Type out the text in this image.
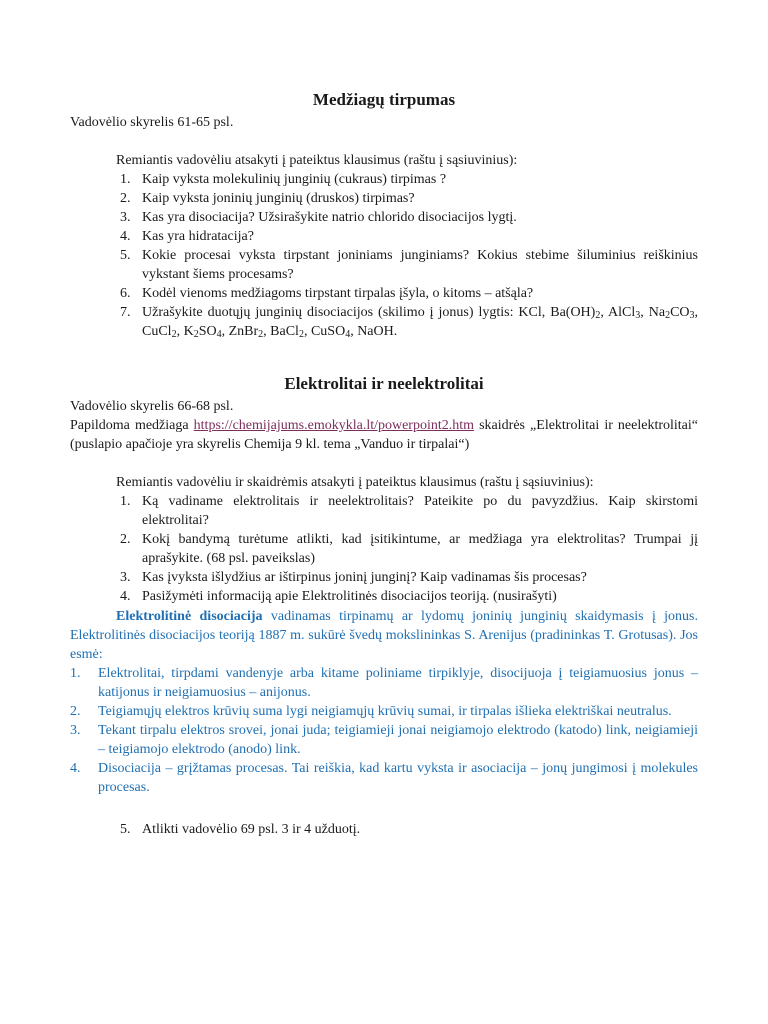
Medžiagų tirpumas
Vadovėlio skyrelis 61-65 psl.
Remiantis vadovėliu atsakyti į pateiktus klausimus (raštu į sąsiuvinius):
1. Kaip vyksta molekulinių junginių (cukraus) tirpimas ?
2. Kaip vyksta joninių junginių (druskos) tirpimas?
3. Kas yra disociacija? Užsirašykite natrio chlorido disociacijos lygtį.
4. Kas yra hidratacija?
5. Kokie procesai vyksta tirpstant joniniams junginiams? Kokius stebime šiluminius reiškinius vykstant šiems procesams?
6. Kodėl vienoms medžiagoms tirpstant tirpalas įšyla, o kitoms – atšąla?
7. Užrašykite duotųjų junginių disociacijos (skilimo į jonus) lygtis: KCl, $Ba(OH)_2$, AlCl$_3$, $Na_2CO_3$, CuCl$_2$, $K_2SO_4$, ZnBr$_2$, BaCl$_2$, CuSO$_4$, NaOH.
Elektrolitai ir neelektrolitai
Vadovėlio skyrelis 66-68 psl.
Papildoma medžiaga https://chemijajums.emokykla.lt/powerpoint2.htm skaidrės „Elektrolitai ir neelektrolitai“ (puslapio apačioje yra skyrelis Chemija 9 kl. tema „Vanduo ir tirpalai“)
Remiantis vadovėliu ir skaidrėmis atsakyti į pateiktus klausimus (raštu į sąsiuvinius):
1. Ką vadiname elektrolitais ir neelektrolitais? Pateikite po du pavyzdžius. Kaip skirstomi elektrolitai?
2. Kokį bandymą turėtume atlikti, kad įsitikintume, ar medžiaga yra elektrolitas? Trumpai jį aprašykite. (68 psl. paveikslas)
3. Kas įvyksta išlydžius ar ištirpinus joninį junginį? Kaip vadinamas šis procesas?
4. Pasižymėti informaciją apie Elektrolitinės disociacijos teoriją. (nusirašyti)
Elektrolitinė disociacija vadinamas tirpinamų ar lydomų joninių junginių skaidymasis į jonus. Elektrolitinės disociacijos teoriją 1887 m. sukūrė švedų mokslininkas S. Arenijus (pradininkas T. Grotusas). Jos esmė:
1. Elektrolitai, tirpdami vandenyje arba kitame poliniame tirpiklyje, disocijuoja į teigiamuosius jonus – katijonus ir neigiamuosius – anijonus.
2. Teigiamųjų elektros krūvių suma lygi neigiamųjų krūvių sumai, ir tirpalas išlieka elektriškai neutralus.
3. Tekant tirpalu elektros srovei, jonai juda; teigiamieji jonai neigiamojo elektrodo (katodo) link, neigiamieji – teigiamojo elektrodo (anodo) link.
4. Disociacija – grįžtamas procesas. Tai reiškia, kad kartu vyksta ir asociacija – jonų jungimosi į molekules procesas.
5. Atlikti vadovėlio 69 psl. 3 ir 4 užduotį.
